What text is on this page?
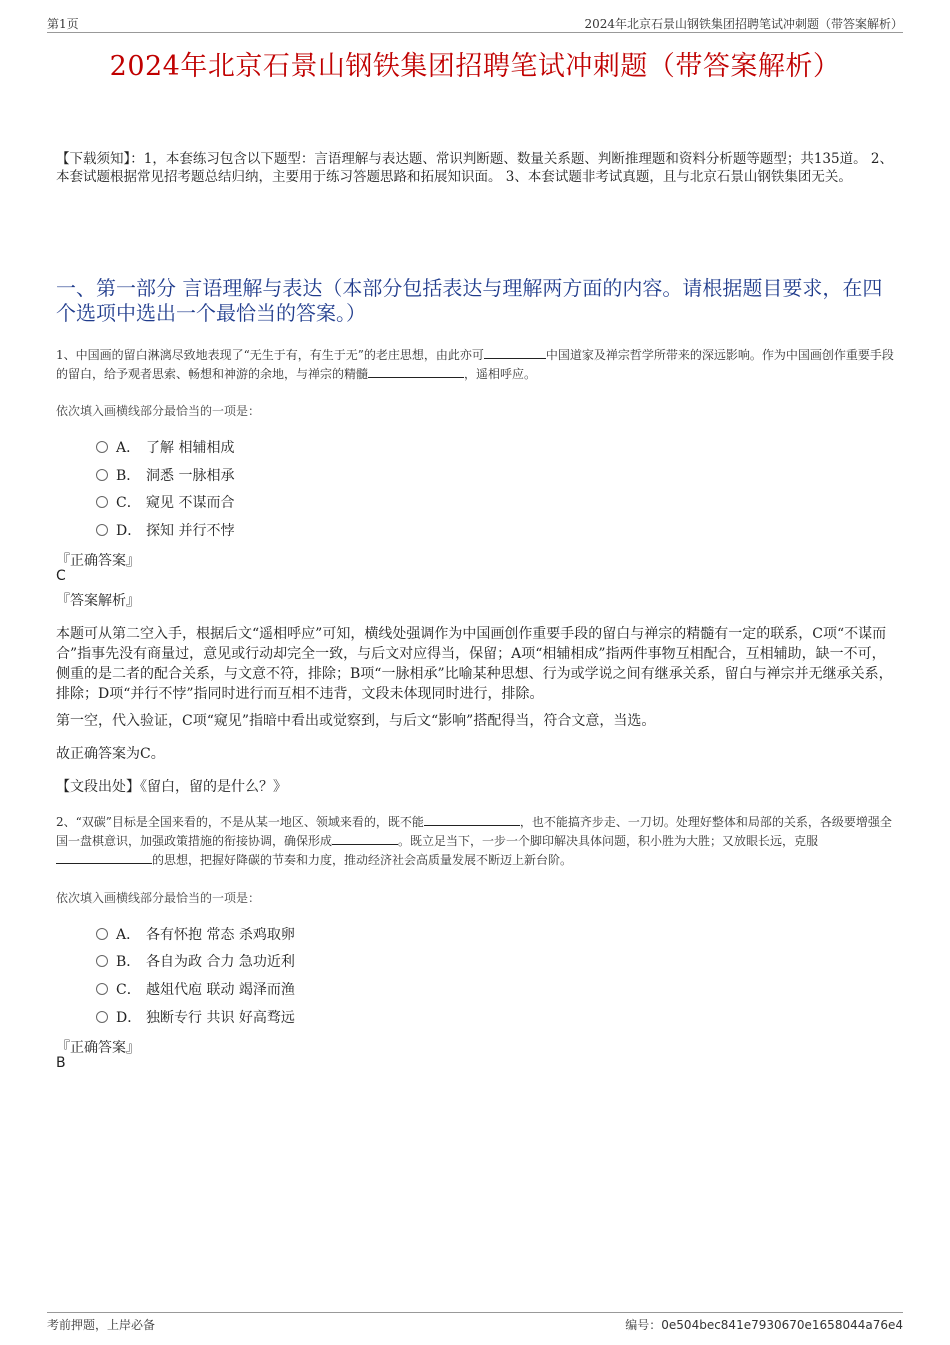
第1页	2024年北京石景山钢铁集团招聘笔试冲刺题（带答案解析）
2024年北京石景山钢铁集团招聘笔试冲刺题（带答案解析）
【下载须知】：1，本套练习包含以下题型：言语理解与表达题、常识判断题、数量关系题、判断推理题和资料分析题等题型；共135道。 2、本套试题根据常见招考题总结归纳，主要用于练习答题思路和拓展知识面。 3、本套试题非考试真题，且与北京石景山钢铁集团无关。
一、第一部分 言语理解与表达（本部分包括表达与理解两方面的内容。请根据题目要求，在四个选项中选出一个最恰当的答案。）
1、中国画的留白淋漓尽致地表现了“无生于有，有生于无”的老庄思想，由此亦可	中国道家及禅宗哲学所带来的深远影响。作为中国画创作重要手段的留白，给予观者思索、畅想和神游的余地，与禅宗的精髓	，遥相呼应。
依次填入画横线部分最恰当的一项是：
A． 了解 相辅相成
B． 洞悉 一脉相承
C． 窥见 不谋而合
D． 探知 并行不悖
『正确答案』
C
『答案解析』
本题可从第二空入手，根据后文“遥相呼应”可知，横线处强调作为中国画创作重要手段的留白与禅宗的精髓有一定的联系，C项“不谋而合”指事先没有商量过，意见或行动却完全一致，与后文对应得当，保留；A项“相辅相成”指两件事物互相配合，互相辅助，缺一不可，侧重的是二者的配合关系，与文意不符，排除；B项“一脉相承”比喻某种思想、行为或学说之间有继承关系，留白与禅宗并无继承关系，排除；D项“并行不悖”指同时进行而互相不违背，文段未体现同时进行，排除。
第一空，代入验证，C项“窥见”指暗中看出或觉察到，与后文“影响”搭配得当，符合文意，当选。
故正确答案为C。
【文段出处】《留白，留的是什么？》
2、“双碳”目标是全国来看的，不是从某一地区、领域来看的，既不能	，也不能搞齐步走、一刀切。处理好整体和局部的关系，各级要增强全国一盘棋意识，加强政策措施的衔接协调，确保形成	。既立足当下，一步一个脚印解决具体问题，积小胜为大胜；又放眼长远，克服的思想，把握好降碳的节奏和力度，推动经济社会高质量发展不断迈上新台阶。
依次填入画横线部分最恰当的一项是：
A． 各有怀抱 常态 杀鸡取卵
B． 各自为政 合力 急功近利
C． 越俎代庖 联动 竭泽而渔
D． 独断专行 共识 好高骛远
『正确答案』
B
考前押题，上岸必备	编号：0e504bec841e7930670e1658044a76e4
